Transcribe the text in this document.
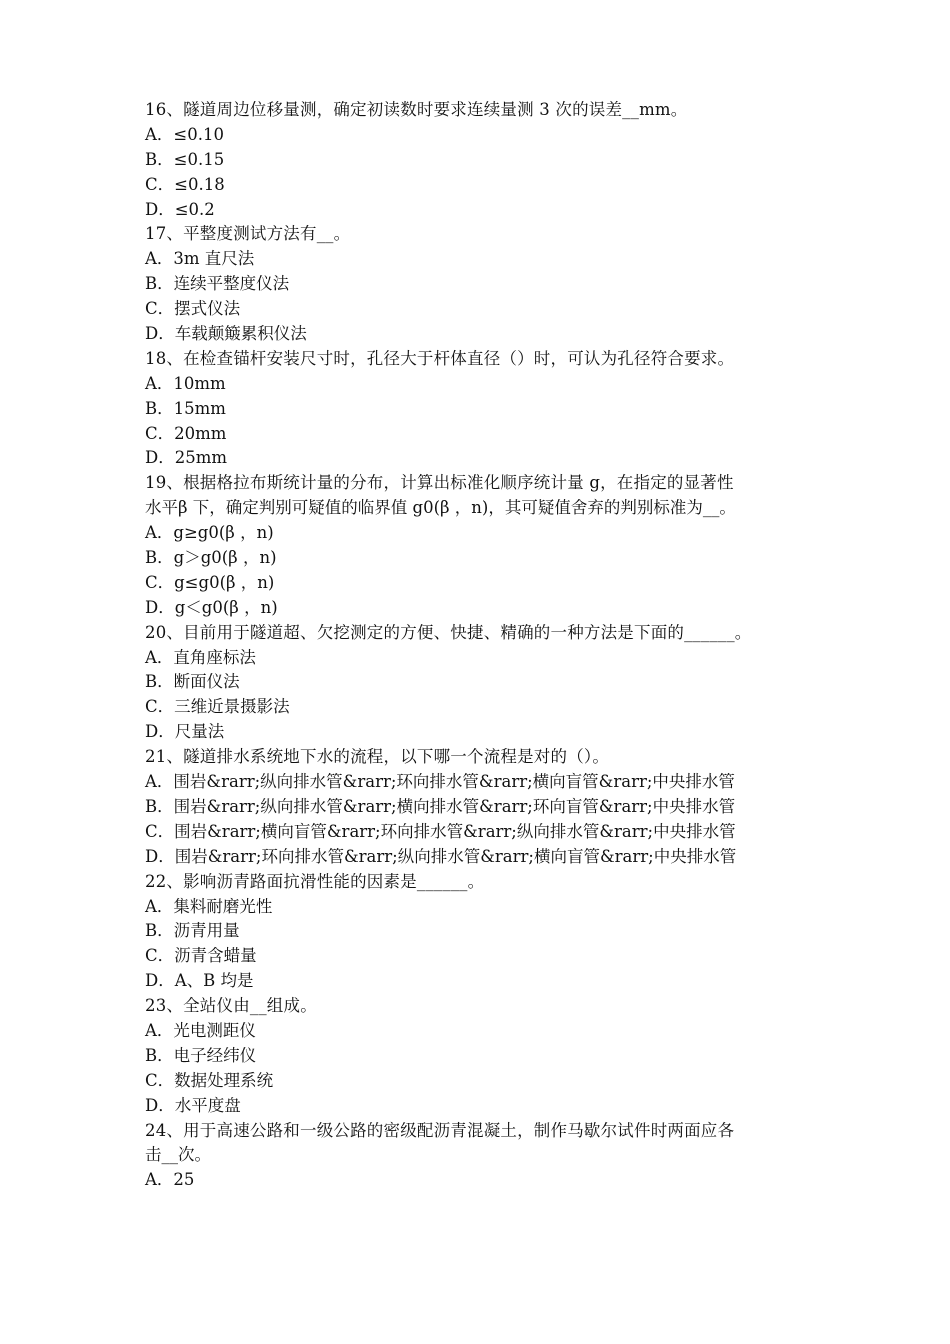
16、隧道周边位移量测，确定初读数时要求连续量测 3 次的误差__mm。
A．≤0.10
B．≤0.15
C．≤0.18
D．≤0.2
17、平整度测试方法有__。
A．3m 直尺法
B．连续平整度仪法
C．摆式仪法
D．车载颠簸累积仪法
18、在检查锚杆安装尺寸时，孔径大于杆体直径（）时，可认为孔径符合要求。
A．10mm
B．15mm
C．20mm
D．25mm
19、根据格拉布斯统计量的分布，计算出标准化顺序统计量 g，在指定的显著性
水平β 下，确定判别可疑值的临界值 g0(β ，n)，其可疑值舍弃的判别标准为__。
A．g≥g0(β ，n)
B．g＞g0(β ，n)
C．g≤g0(β ，n)
D．g＜g0(β ，n)
20、目前用于隧道超、欠挖测定的方便、快捷、精确的一种方法是下面的______。
A．直角座标法
B．断面仪法
C．三维近景摄影法
D．尺量法
21、隧道排水系统地下水的流程，以下哪一个流程是对的（）。
A．围岩&rarr;纵向排水管&rarr;环向排水管&rarr;横向盲管&rarr;中央排水管
B．围岩&rarr;纵向排水管&rarr;横向排水管&rarr;环向盲管&rarr;中央排水管
C．围岩&rarr;横向盲管&rarr;环向排水管&rarr;纵向排水管&rarr;中央排水管
D．围岩&rarr;环向排水管&rarr;纵向排水管&rarr;横向盲管&rarr;中央排水管
22、影响沥青路面抗滑性能的因素是______。
A．集料耐磨光性
B．沥青用量
C．沥青含蜡量
D．A、B 均是
23、全站仪由__组成。
A．光电测距仪
B．电子经纬仪
C．数据处理系统
D．水平度盘
24、用于高速公路和一级公路的密级配沥青混凝土，制作马歇尔试件时两面应各
击__次。
A．25
